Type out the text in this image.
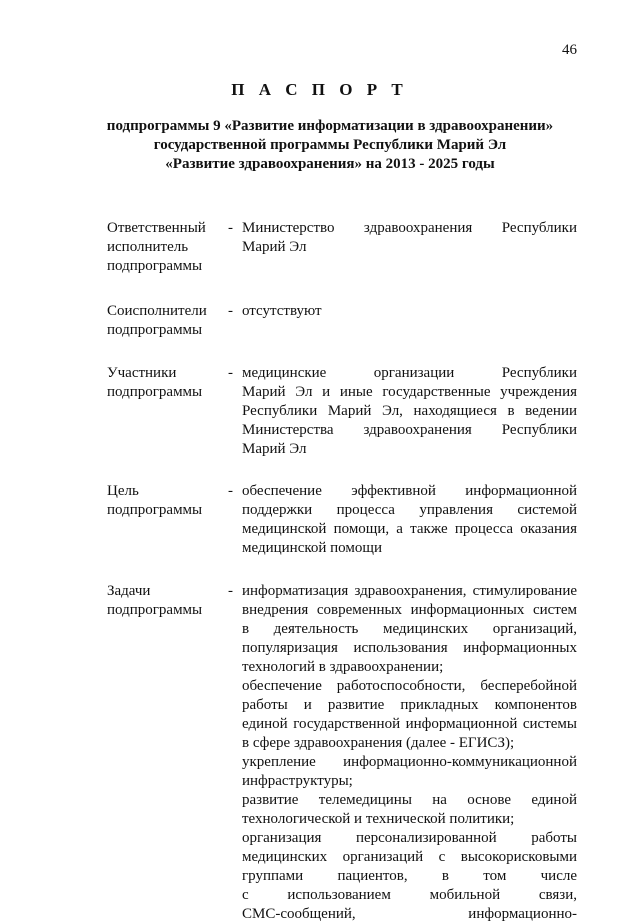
46
П А С П О Р Т
подпрограммы 9 «Развитие информатизации в здравоохранении»
государственной программы Республики Марий Эл
«Развитие здравоохранения» на 2013 - 2025 годы
Ответственный
исполнитель
подпрограммы
- Министерство здравоохранения Республики
Марий Эл
Соисполнители
подпрограммы
- отсутствуют
Участники
подпрограммы
- медицинские организации Республики
Марий Эл и иные государственные учреждения
Республики Марий Эл, находящиеся в ведении
Министерства здравоохранения Республики
Марий Эл
Цель
подпрограммы
- обеспечение эффективной информационной
поддержки процесса управления системой
медицинской помощи, а также процесса оказания
медицинской помощи
Задачи
подпрограммы
- информатизация здравоохранения, стимулирование
внедрения современных информационных систем
в деятельность медицинских организаций,
популяризация использования информационных
технологий в здравоохранении;
обеспечение работоспособности, бесперебойной
работы и развитие прикладных компонентов
единой государственной информационной системы
в сфере здравоохранения (далее - ЕГИСЗ);
укрепление информационно-коммуникационной
инфраструктуры;
развитие телемедицины на основе единой
технологической и технической политики;
организация персонализированной работы
медицинских организаций с высокорисковыми
группами пациентов, в том числе
с использованием мобильной связи,
СМС-сообщений, информационно-
